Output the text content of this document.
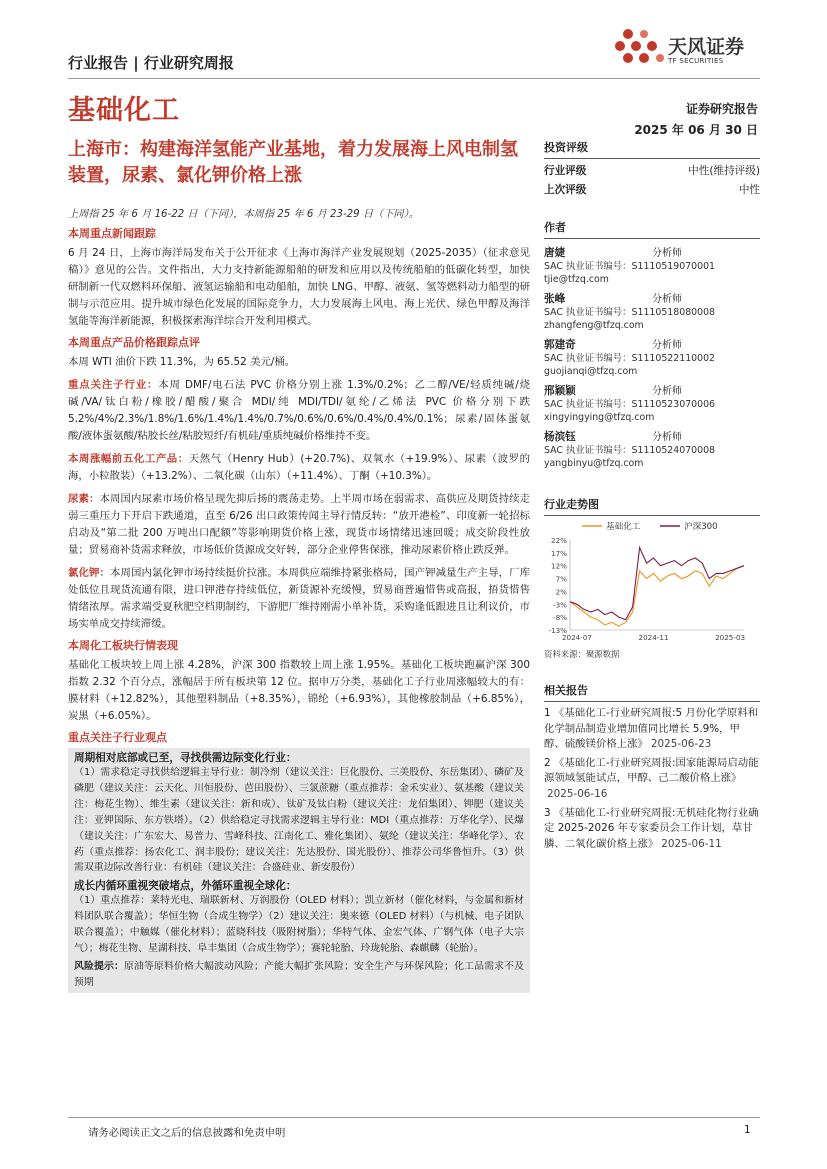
行业报告 | 行业研究周报
基础化工
天风证券
TF SECURITIES
证券研究报告
2025 年 06 月 30 日
上海市：构建海洋氢能产业基地，着力发展海上风电制氢装置，尿素、氯化钾价格上涨
上周指 25 年 6 月 16-22 日（下同），本周指 25 年 6 月 23-29 日（下同）。
本周重点新闻跟踪

6 月 24 日，上海市海洋局发布关于公开征求《上海市海洋产业发展规划（2025-2035）（征求意见稿）》意见的公告。文件指出，大力支持新能源船舶的研发和应用以及传统船舶的低碳化转型，加快研制新一代双燃料环保船、液氢运输船和电动船舶，加快 LNG、甲醇、液氨、氢等燃料动力船型的研制与示范应用。提升城市绿色化发展的国际竞争力，大力发展海上风电、海上光伏、绿色甲醇及海洋氢能等海洋新能源，积极探索海洋综合开发利用模式。

本周重点产品价格跟踪点评

本周 WTI 油价下跌 11.3%，为 65.52 美元/桶。

重点关注子行业：本周 DMF/电石法 PVC 价格分别上涨 1.3%/0.2%；乙二醇/VE/轻质纯碱/烧碱/VA/钛白粉/橡胶/醋酸/聚合 MDI/纯 MDI/TDI/氨纶/乙烯法 PVC 价格分别下跌 5.2%/4%/2.3%/1.8%/1.6%/1.4%/1.4%/0.7%/0.6%/0.6%/0.4%/0.4%/0.1%；尿素/固体蛋氨酸/液体蛋氨酸/粘胶长丝/粘胶短纤/有机硅/重质纯碱价格维持不变。

本周涨幅前五化工产品：天然气（Henry Hub）(+20.7%)、双氧水（+19.9%）、尿素（波罗的海，小粒散装）（+13.2%）、二氧化碳（山东）（+11.4%）、丁酮（+10.3%）。

尿素：本周国内尿素市场价格呈现先抑后扬的震荡走势。上半周市场在弱需求、高供应及期货持续走弱三重压力下开启下跌通道，直至 6/26 出口政策传闻主导行情反转：“放开港检”、印度新一轮招标启动及“第二批 200 万吨出口配额”等影响期货价格上涨，现货市场情绪迅速回暖；成交阶段性放量；贸易商补货需求释放，市场低价货源成交好转，部分企业停售保涨，推动尿素价格止跌反弹。

氯化钾：本周国内氯化钾市场持续挺价拉涨。本周供应端维持紧张格局，国产钾减量生产主导，厂库处低位且现货流通有限，进口钾港存持续低位，新货源补充缓慢，贸易商普遍惜售或高报，捂货惜售情绪浓厚。需求端受夏秋肥空档期制约，下游肥厂维持刚需小单补货，采购逢低跟进且让利议价，市场实单成交持续滞缓。

本周化工板块行情表现

基础化工板块较上周上涨 4.28%，沪深 300 指数较上周上涨 1.95%。基础化工板块跑赢沪深 300 指数 2.32 个百分点，涨幅居于所有板块第 12 位。据申万分类，基础化工子行业周涨幅较大的有：膜材料（+12.82%），其他塑料制品（+8.35%），锦纶（+6.93%），其他橡胶制品（+6.85%），炭黑（+6.05%）。

重点关注子行业观点
周期相对底部或已至，寻找供需边际变化行业：

（1）需求稳定寻找供给逻辑主导行业：制冷剂（建议关注：巨化股份、三美股份、东岳集团）、磷矿及磷肥（建议关注：云天化、川恒股份、芭田股份）、三氯蔗糖（重点推荐：金禾实业）、氨基酸（建议关注：梅花生物）、维生素（建议关注：新和成）、钛矿及钛白粉（建议关注：龙佰集团）、钾肥（建议关注：亚钾国际、东方铁塔）。（2）供给稳定寻找需求逻辑主导行业：MDI（重点推荐：万华化学）、民爆（建议关注：广东宏大、易普力、雪峰科技、江南化工、雅化集团）、氨纶（建议关注：华峰化学）、农药（重点推荐：扬农化工、润丰股份；建议关注：先达股份、国光股份）、推荐公司华鲁恒升。（3）供需双重边际改善行业：有机硅（建议关注：合盛硅业、新安股份）

成长内循环重视突破堵点，外循环重视全球化：

（1）重点推荐：莱特光电、瑞联新材、万润股份（OLED 材料）；凯立新材（催化材料，与金属和新材料团队联合覆盖）；华恒生物（合成生物学）（2）建议关注：奥来德（OLED 材料）（与机械、电子团队联合覆盖）；中触媒（催化材料）；蓝晓科技（吸附树脂）；华特气体、金宏气体、广钢气体（电子大宗气）；梅花生物、星湖科技、阜丰集团（合成生物学）；赛轮轮胎、玲珑轮胎、森麒麟（轮胎）。

风险提示：原油等原料价格大幅波动风险；产能大幅扩张风险；安全生产与环保风险；化工品需求不及预期

投资评级
行业评级	中性(维持评级)
上次评级	中性
作者
唐婕	分析师
SAC 执业证书编号：S1110519070001
tjie@tfzq.com
张峰	分析师
SAC 执业证书编号：S1110518080008
zhangfeng@tfzq.com
郭建奇	分析师
SAC 执业证书编号：S1110522110002
guojianqi@tfzq.com
邢颖颖	分析师
SAC 执业证书编号：S1110523070006
xingyingying@tfzq.com
杨滨钰	分析师
SAC 执业证书编号：S1110524070008
yangbinyu@tfzq.com
行业走势图
基础化工	沪深300
-13%
-8%
-3%
2%
7%
12%
17%
22%
2024-07	2024-11	2025-03
资料来源：聚源数据
相关报告
1 《基础化工-行业研究周报:5 月份化学原料和化学制品制造业增加值同比增长 5.9%，甲醇、硫酸镁价格上涨》 2025-06-23
2 《基础化工-行业研究周报:国家能源局启动能源领域氢能试点，甲醇、己二酸价格上涨》2025-06-16
3 《基础化工-行业研究周报:无机硅化物行业确定 2025-2026 年专家委员会工作计划，草甘膦、二氧化碳价格上涨》 2025-06-11
请务必阅读正文之后的信息披露和免责申明	1
